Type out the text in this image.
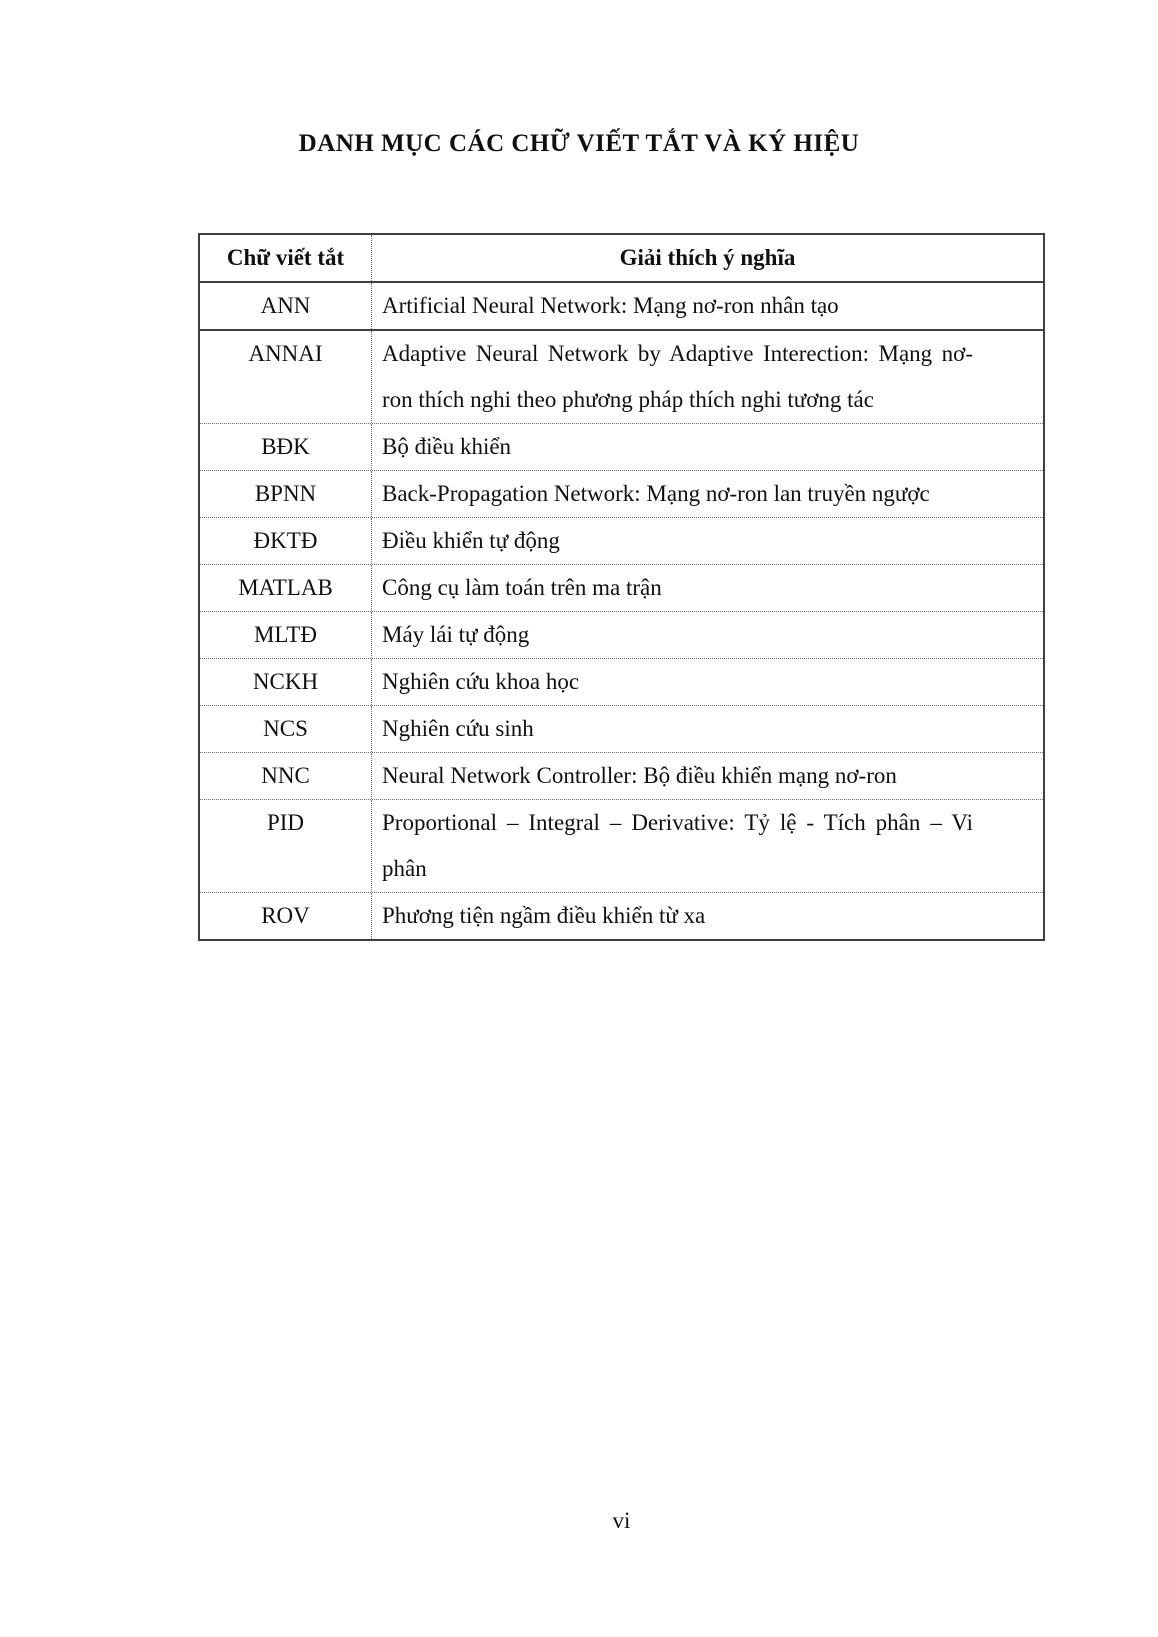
DANH MỤC CÁC CHỮ VIẾT TẮT VÀ KÝ HIỆU
Chữ viết tắt	Giải thích ý nghĩa
ANN	Artificial Neural Network: Mạng nơ-ron nhân tạo
ANNAI	Adaptive Neural Network by Adaptive Interection: Mạng nơ-ron thích nghi theo phương pháp thích nghi tương tác
BĐK	Bộ điều khiển
BPNN	Back-Propagation Network: Mạng nơ-ron lan truyền ngược
ĐKTĐ	Điều khiển tự động
MATLAB	Công cụ làm toán trên ma trận
MLTĐ	Máy lái tự động
NCKH	Nghiên cứu khoa học
NCS	Nghiên cứu sinh
NNC	Neural Network Controller: Bộ điều khiển mạng nơ-ron
PID	Proportional – Integral – Derivative: Tỷ lệ - Tích phân – Vi phân
ROV	Phương tiện ngầm điều khiển từ xa
vi
